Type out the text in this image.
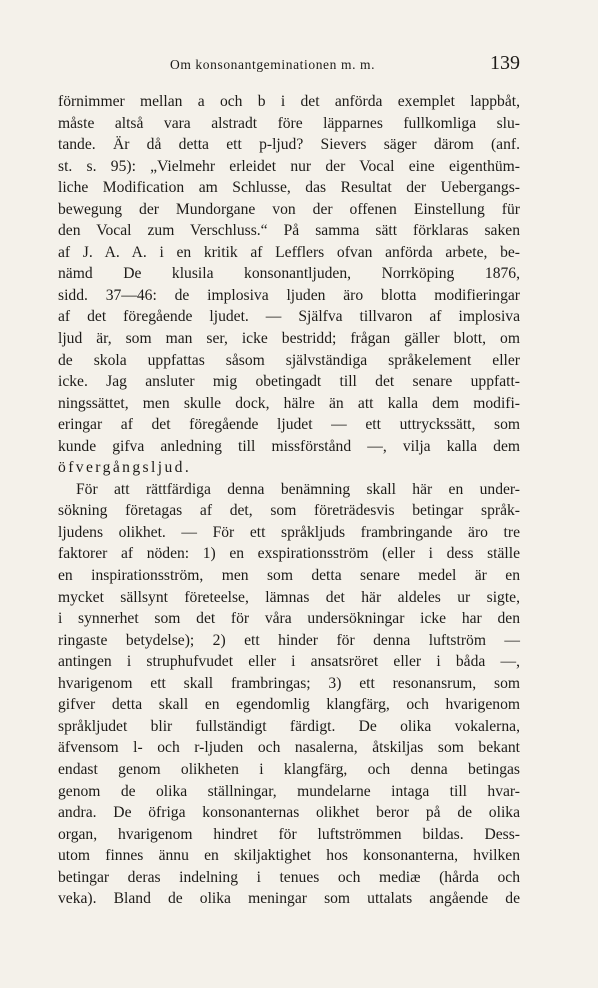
Om konsonantgeminationen m. m.	139
förnimmer mellan a och b i det anförda exemplet lappbåt,
måste altså vara alstradt före läpparnes fullkomliga slu-
tande. Är då detta ett p-ljud? Sievers säger därom (anf.
st. s. 95): „Vielmehr erleidet nur der Vocal eine eigenthüm-
liche Modification am Schlusse, das Resultat der Uebergangs-
bewegung der Mundorgane von der offenen Einstellung für
den Vocal zum Verschluss.“ På samma sätt förklaras saken
af J. A. A. i en kritik af Lefflers ofvan anförda arbete, be-
nämd De klusila konsonantljuden, Norrköping 1876,
sidd. 37—46: de implosiva ljuden äro blotta modifieringar
af det föregående ljudet. — Själfva tillvaron af implosiva
ljud är, som man ser, icke bestridd; frågan gäller blott, om
de skola uppfattas såsom självständiga språkelement eller
icke. Jag ansluter mig obetingadt till det senare uppfatt-
ningssättet, men skulle dock, hälre än att kalla dem modifi-
eringar af det föregående ljudet — ett uttryckssätt, som
kunde gifva anledning till missförstånd —, vilja kalla dem
öfvergångsljud.
För att rättfärdiga denna benämning skall här en under-
sökning företagas af det, som företrädesvis betingar språk-
ljudens olikhet. — För ett språkljuds frambringande äro tre
faktorer af nöden: 1) en exspirationsström (eller i dess ställe
en inspirationsström, men som detta senare medel är en
mycket sällsynt företeelse, lämnas det här aldeles ur sigte,
i synnerhet som det för våra undersökningar icke har den
ringaste betydelse); 2) ett hinder för denna luftström —
antingen i struphufvudet eller i ansatsröret eller i båda —,
hvarigenom ett skall frambringas; 3) ett resonansrum, som
gifver detta skall en egendomlig klangfärg, och hvarigenom
språkljudet blir fullständigt färdigt. De olika vokalerna,
äfvensom l- och r-ljuden och nasalerna, åtskiljas som bekant
endast genom olikheten i klangfärg, och denna betingas
genom de olika ställningar, mundelarne intaga till hvar-
andra. De öfriga konsonanternas olikhet beror på de olika
organ, hvarigenom hindret för luftströmmen bildas. Dess-
utom finnes ännu en skiljaktighet hos konsonanterna, hvilken
betingar deras indelning i tenues och mediæ (hårda och
veka). Bland de olika meningar som uttalats angående de
